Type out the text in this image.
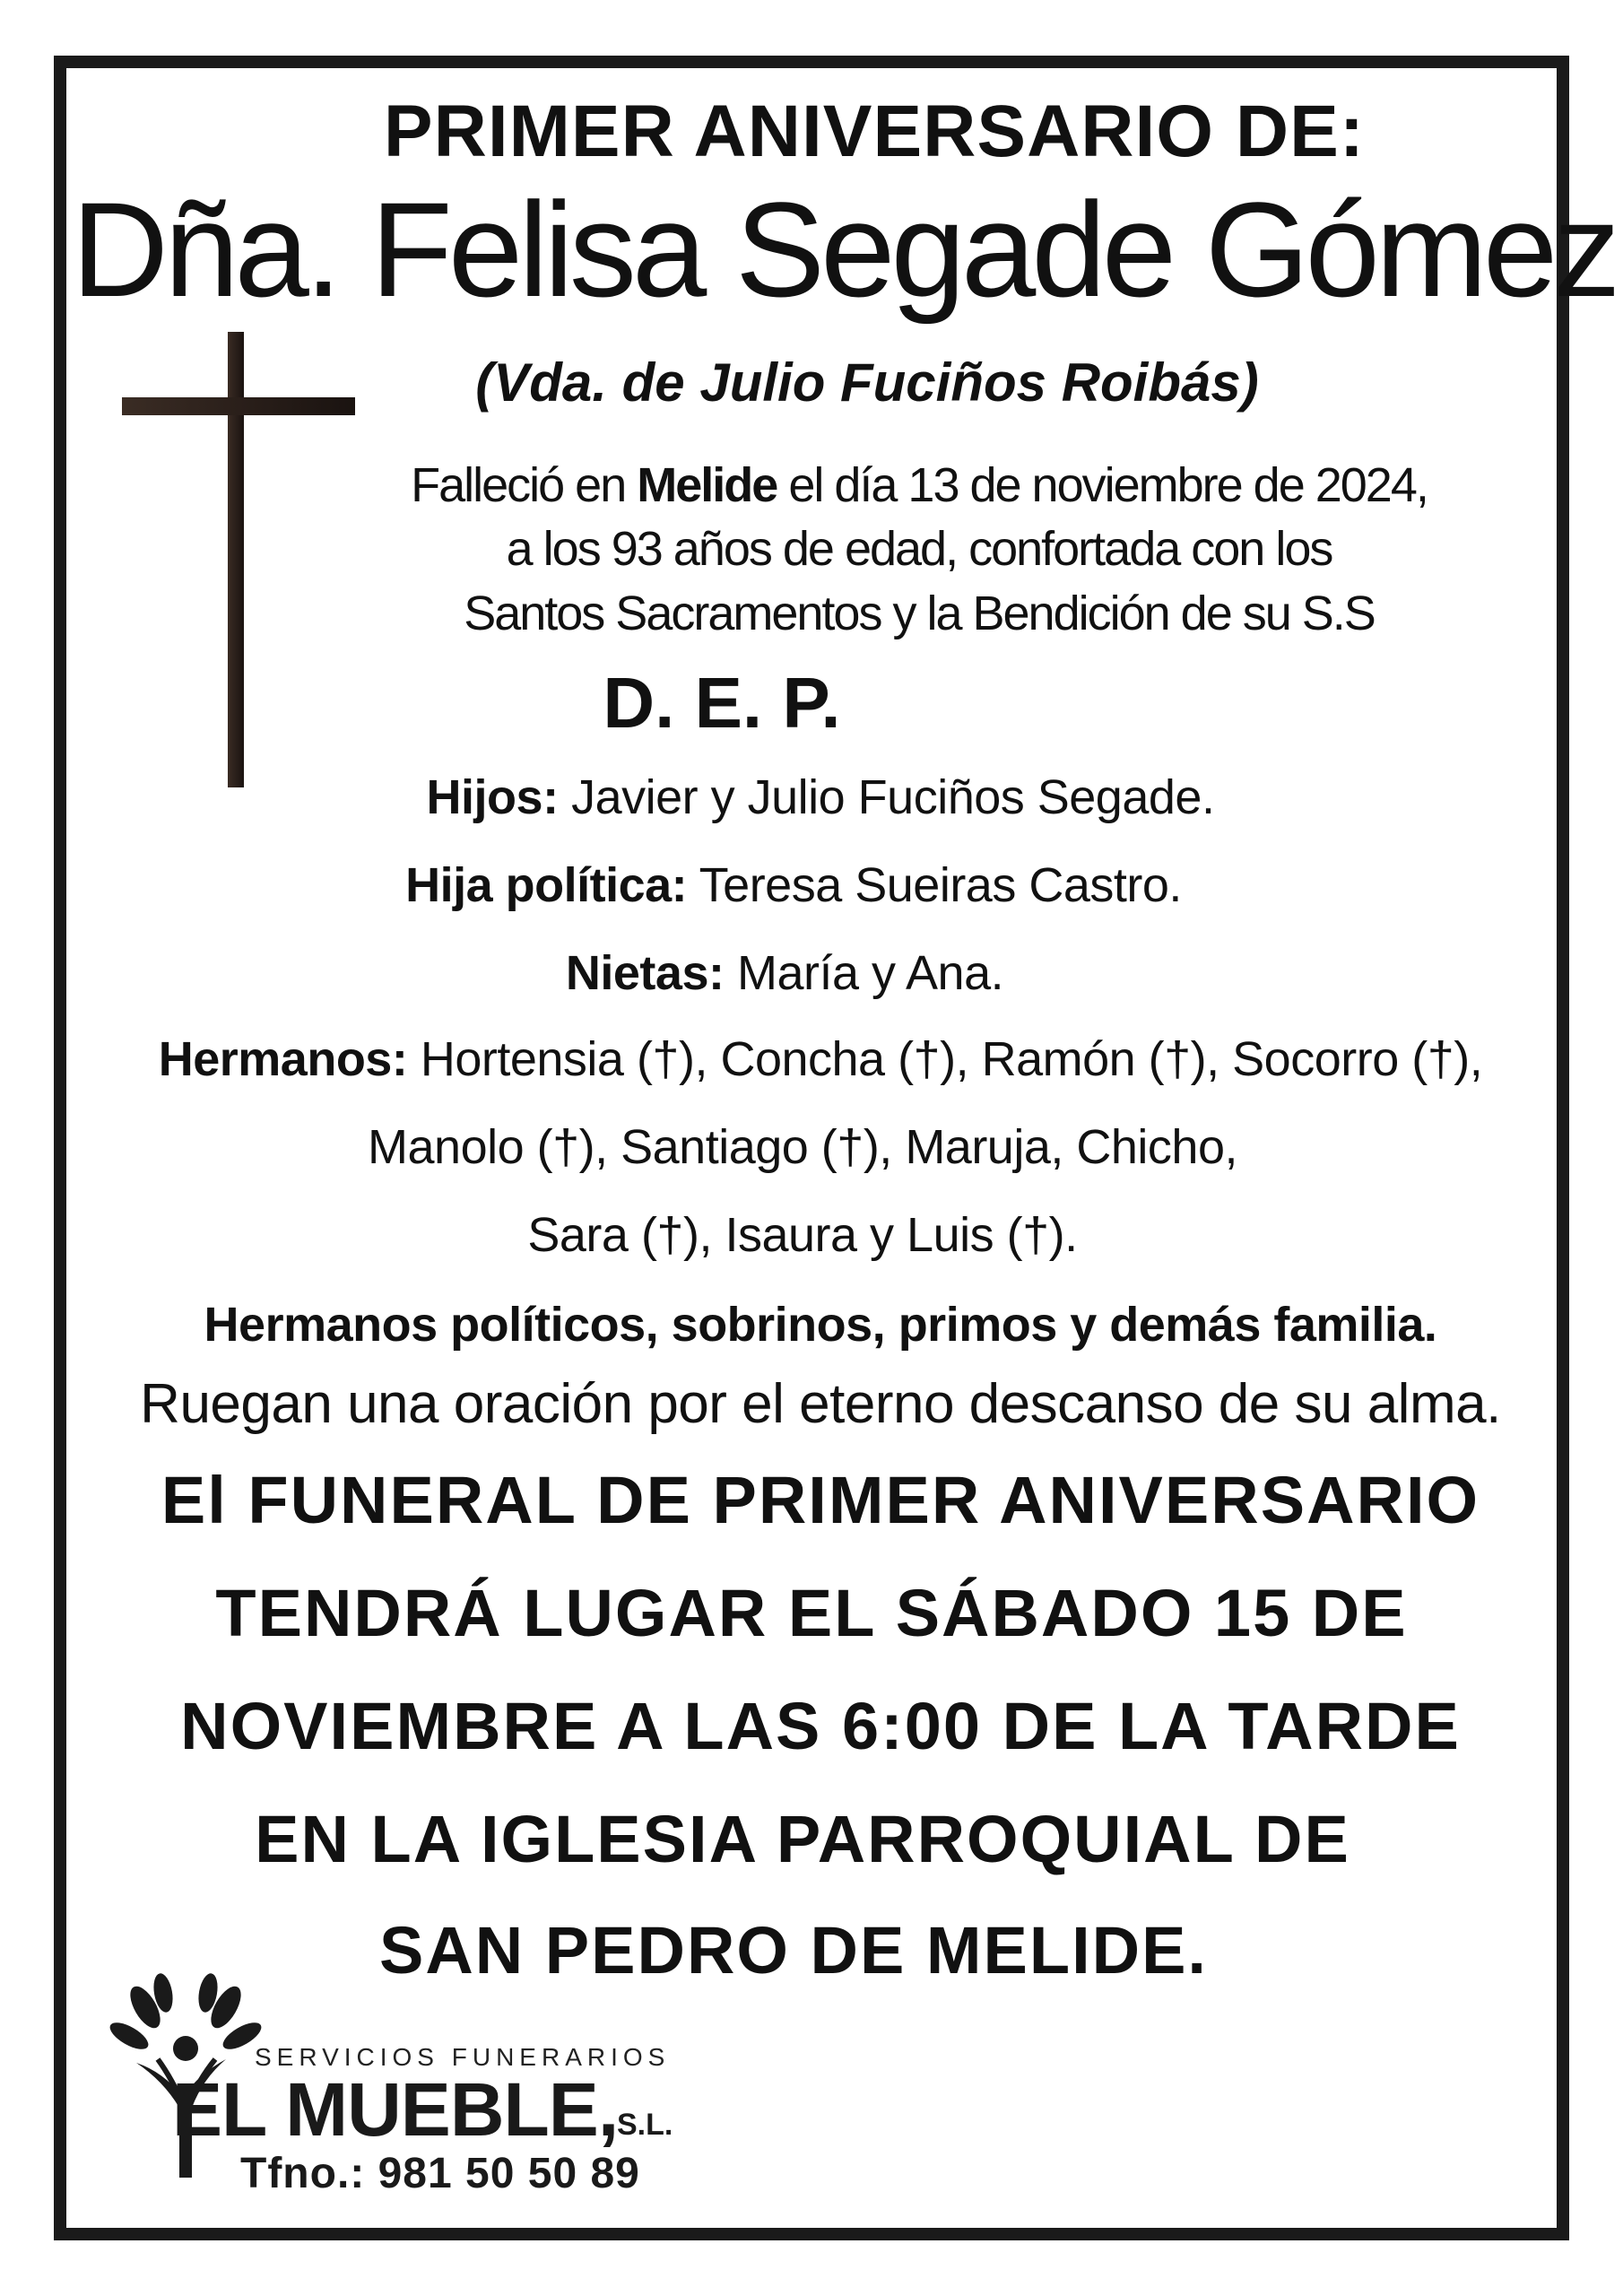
PRIMER ANIVERSARIO DE:
Dña. Felisa Segade Gómez
(Vda. de Julio Fuciños Roibás)
Falleció en Melide el día 13 de noviembre de 2024,
a los 93 años de edad, confortada con los
Santos Sacramentos y la Bendición de su S.S
D. E. P.
Hijos: Javier y Julio Fuciños Segade.
Hija política: Teresa Sueiras Castro.
Nietas: María y Ana.
Hermanos: Hortensia (†), Concha (†), Ramón (†), Socorro (†),
Manolo (†), Santiago (†), Maruja, Chicho,
Sara (†), Isaura y Luis (†).
Hermanos políticos, sobrinos, primos y demás familia.
Ruegan una oración por el eterno descanso de su alma.
El FUNERAL DE PRIMER ANIVERSARIO
TENDRÁ LUGAR EL SÁBADO 15 DE
NOVIEMBRE A LAS 6:00 DE LA TARDE
EN LA IGLESIA PARROQUIAL DE
SAN PEDRO DE MELIDE.
SERVICIOS FUNERARIOS
EL MUEBLE,
S.L.
Tfno.: 981 50 50 89
